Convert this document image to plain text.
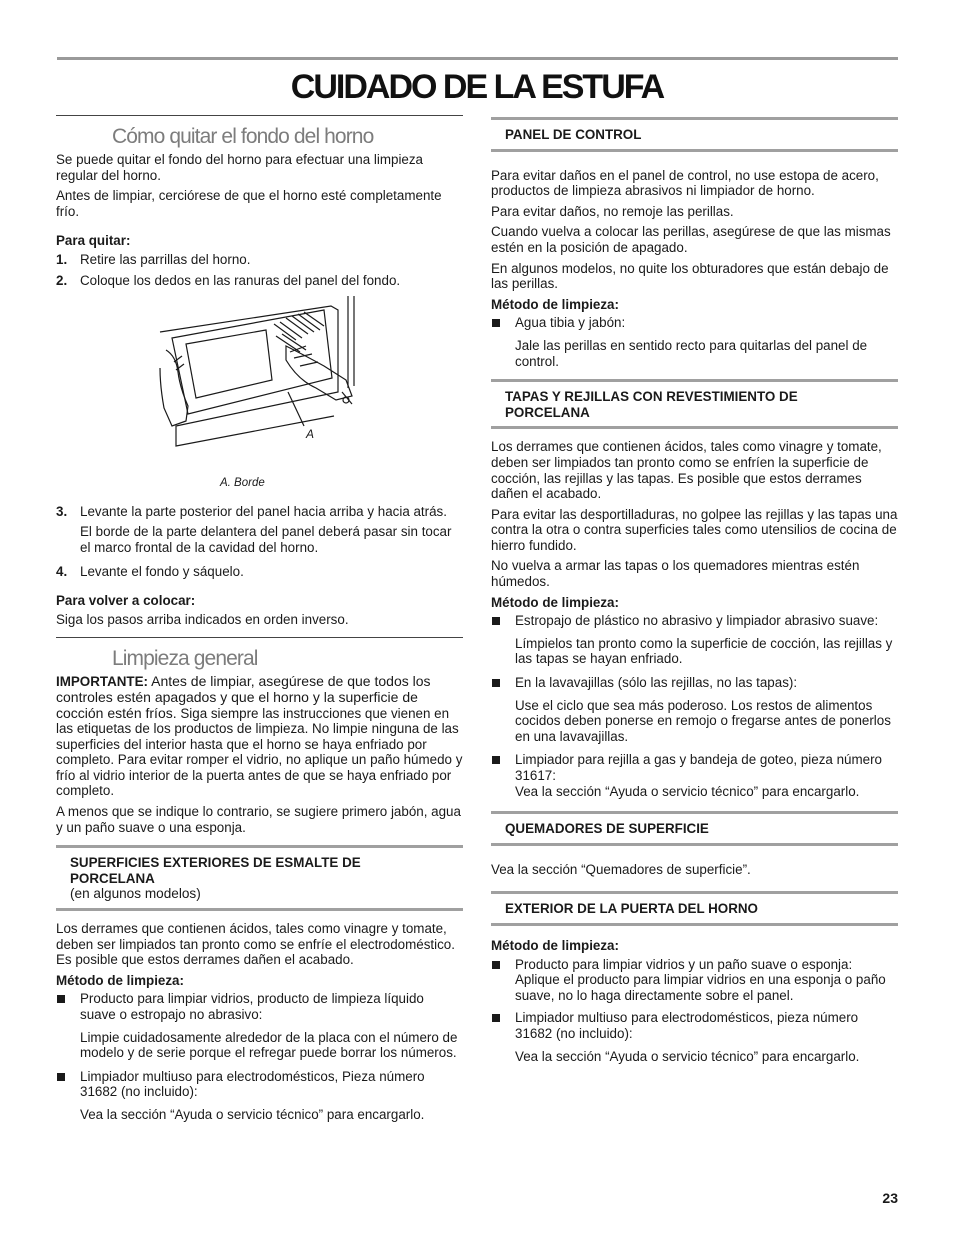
CUIDADO DE LA ESTUFA
Cómo quitar el fondo del horno

Se puede quitar el fondo del horno para efectuar una limpieza regular del horno.

Antes de limpiar, cerciórese de que el horno esté completamente frío.

Para quitar:

1. Retire las parrillas del horno.
2. Coloque los dedos en las ranuras del panel del fondo.
A

A. Borde

3. Levante la parte posterior del panel hacia arriba y hacia atrás.

El borde de la parte delantera del panel deberá pasar sin tocar el marco frontal de la cavidad del horno.

4. Levante el fondo y sáquelo.

Para volver a colocar:

Siga los pasos arriba indicados en orden inverso.

Limpieza general

IMPORTANTE: Antes de limpiar, asegúrese de que todos los controles estén apagados y que el horno y la superficie de cocción estén fríos. Siga siempre las instrucciones que vienen en las etiquetas de los productos de limpieza. No limpie ninguna de las superficies del interior hasta que el horno se haya enfriado por completo. Para evitar romper el vidrio, no aplique un paño húmedo y frío al vidrio interior de la puerta antes de que se haya enfriado por completo.

A menos que se indique lo contrario, se sugiere primero jabón, agua y un paño suave o una esponja.

SUPERFICIES EXTERIORES DE ESMALTE DE PORCELANA
(en algunos modelos)

Los derrames que contienen ácidos, tales como vinagre y tomate, deben ser limpiados tan pronto como se enfríe el electrodoméstico. Es posible que estos derrames dañen el acabado.

Método de limpieza:

Producto para limpiar vidrios, producto de limpieza líquido suave o estropajo no abrasivo:

Limpie cuidadosamente alrededor de la placa con el número de modelo y de serie porque el refregar puede borrar los números.

Limpiador multiuso para electrodomésticos, Pieza número 31682 (no incluido):

Vea la sección “Ayuda o servicio técnico” para encargarlo.

PANEL DE CONTROL

Para evitar daños en el panel de control, no use estopa de acero, productos de limpieza abrasivos ni limpiador de horno.

Para evitar daños, no remoje las perillas.

Cuando vuelva a colocar las perillas, asegúrese de que las mismas estén en la posición de apagado.

En algunos modelos, no quite los obturadores que están debajo de las perillas.

Método de limpieza:

Agua tibia y jabón:

Jale las perillas en sentido recto para quitarlas del panel de control.

TAPAS Y REJILLAS CON REVESTIMIENTO DE PORCELANA

Los derrames que contienen ácidos, tales como vinagre y tomate, deben ser limpiados tan pronto como se enfríen la superficie de cocción, las rejillas y las tapas. Es posible que estos derrames dañen el acabado.

Para evitar las desportilladuras, no golpee las rejillas y las tapas una contra la otra o contra superficies tales como utensilios de cocina de hierro fundido.

No vuelva a armar las tapas o los quemadores mientras estén húmedos.

Método de limpieza:

Estropajo de plástico no abrasivo y limpiador abrasivo suave:

Límpielos tan pronto como la superficie de cocción, las rejillas y las tapas se hayan enfriado.

En la lavavajillas (sólo las rejillas, no las tapas):

Use el ciclo que sea más poderoso. Los restos de alimentos cocidos deben ponerse en remojo o fregarse antes de ponerlos en una lavavajillas.

Limpiador para rejilla a gas y bandeja de goteo, pieza número 31617:

Vea la sección “Ayuda o servicio técnico” para encargarlo.

QUEMADORES DE SUPERFICIE

Vea la sección “Quemadores de superficie”.

EXTERIOR DE LA PUERTA DEL HORNO

Método de limpieza:

Producto para limpiar vidrios y un paño suave o esponja: Aplique el producto para limpiar vidrios en una esponja o paño suave, no lo haga directamente sobre el panel.
Limpiador multiuso para electrodomésticos, pieza número 31682 (no incluido):

Vea la sección “Ayuda o servicio técnico” para encargarlo.

23
